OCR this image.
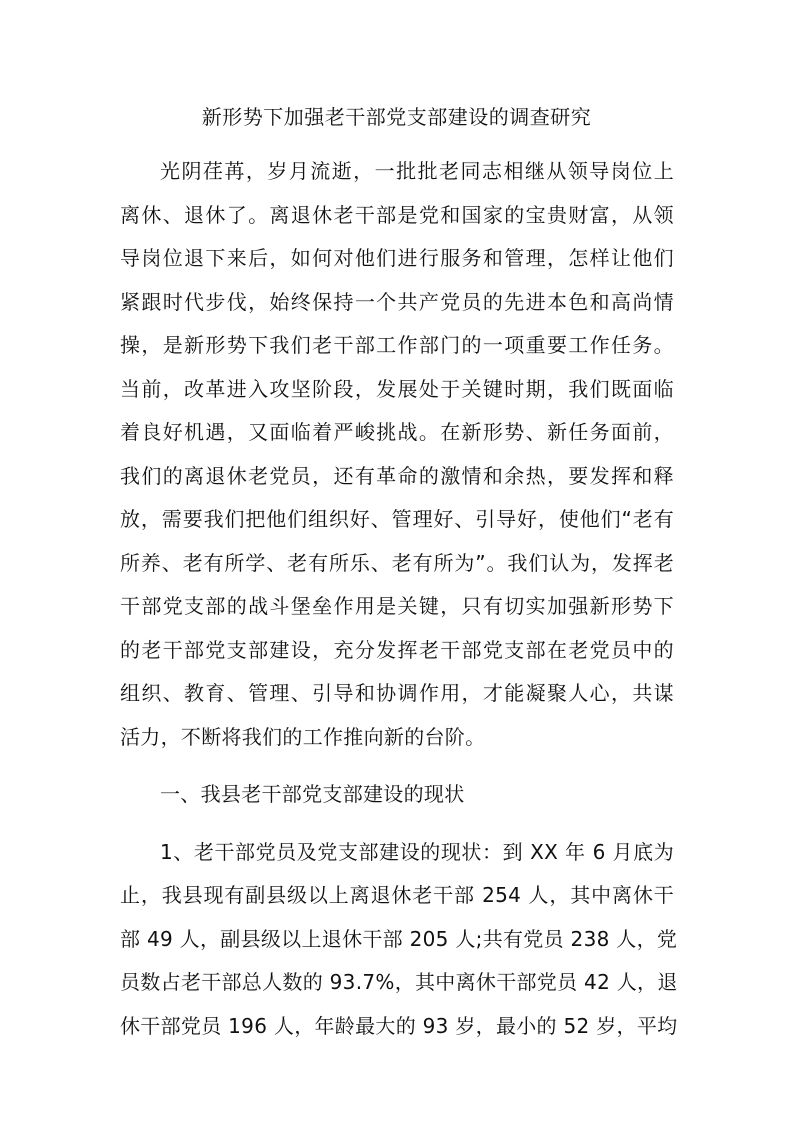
新形势下加强老干部党支部建设的调查研究
光阴荏苒，岁月流逝，一批批老同志相继从领导岗位上
离休、退休了。离退休老干部是党和国家的宝贵财富，从领
导岗位退下来后，如何对他们进行服务和管理，怎样让他们
紧跟时代步伐，始终保持一个共产党员的先进本色和高尚情
操，是新形势下我们老干部工作部门的一项重要工作任务。
当前，改革进入攻坚阶段，发展处于关键时期，我们既面临
着良好机遇，又面临着严峻挑战。在新形势、新任务面前，
我们的离退休老党员，还有革命的激情和余热，要发挥和释
放，需要我们把他们组织好、管理好、引导好，使他们“老有
所养、老有所学、老有所乐、老有所为”。我们认为，发挥老
干部党支部的战斗堡垒作用是关键，只有切实加强新形势下
的老干部党支部建设，充分发挥老干部党支部在老党员中的
组织、教育、管理、引导和协调作用，才能凝聚人心，共谋
活力，不断将我们的工作推向新的台阶。
一、我县老干部党支部建设的现状
1、老干部党员及党支部建设的现状：到 XX 年 6 月底为
止，我县现有副县级以上离退休老干部 254 人，其中离休干
部 49 人，副县级以上退休干部 205 人;共有党员 238 人，党
员数占老干部总人数的 93.7%，其中离休干部党员 42 人，退
休干部党员 196 人，年龄最大的 93 岁，最小的 52 岁，平均
